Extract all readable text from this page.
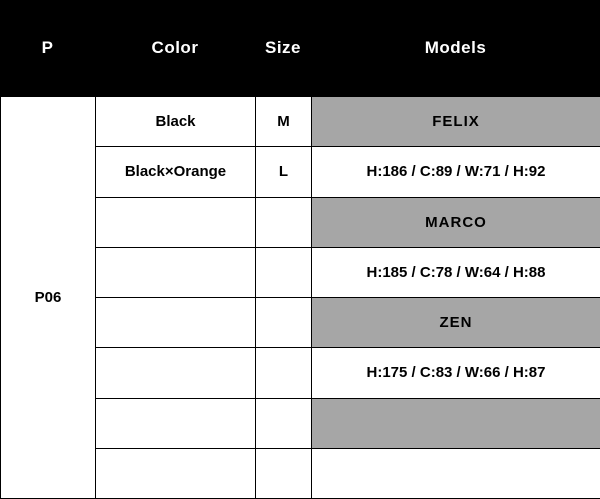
P	Color	Size	Models
P06	Black	M	FELIX
	Black×Orange	L	H:186 / C:89 / W:71 / H:92
			MARCO
			H:185 / C:78 / W:64 / H:88
			ZEN
			H:175 / C:83 / W:66 / H:87
